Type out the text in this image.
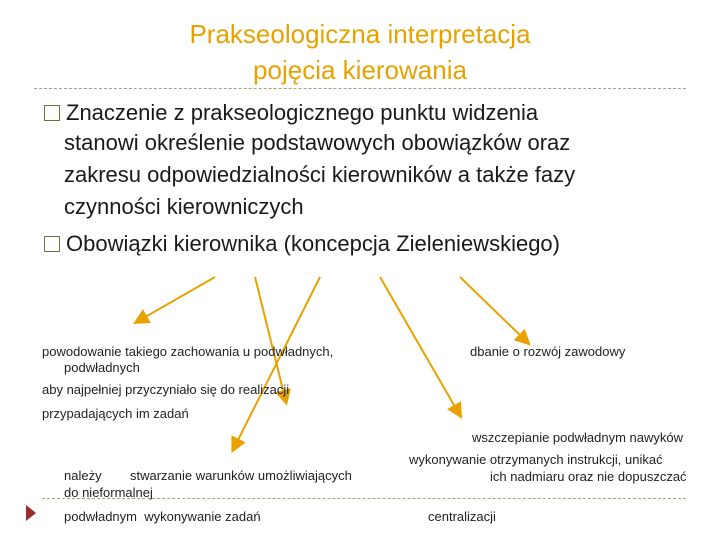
Prakseologiczna interpretacja
pojęcia kierowania
Znaczenie z prakseologicznego punktu widzenia
stanowi określenie podstawowych obowiązków oraz
zakresu odpowiedzialności kierowników a także fazy
czynności kierowniczych
Obowiązki kierownika (koncepcja Zieleniewskiego)
powodowanie takiego zachowania u podwładnych,
podwładnych
aby najpełniej przyczyniało się do realizacji
przypadających im zadań
należy stwarzanie warunków umożliwiających
do nieformalnej
podwładnym  wykonywanie zadań
dbanie o rozwój zawodowy
wszczepianie podwładnym nawyków
wykonywanie otrzymanych instrukcji, unikać
ich nadmiaru oraz nie dopuszczać
centralizacji
